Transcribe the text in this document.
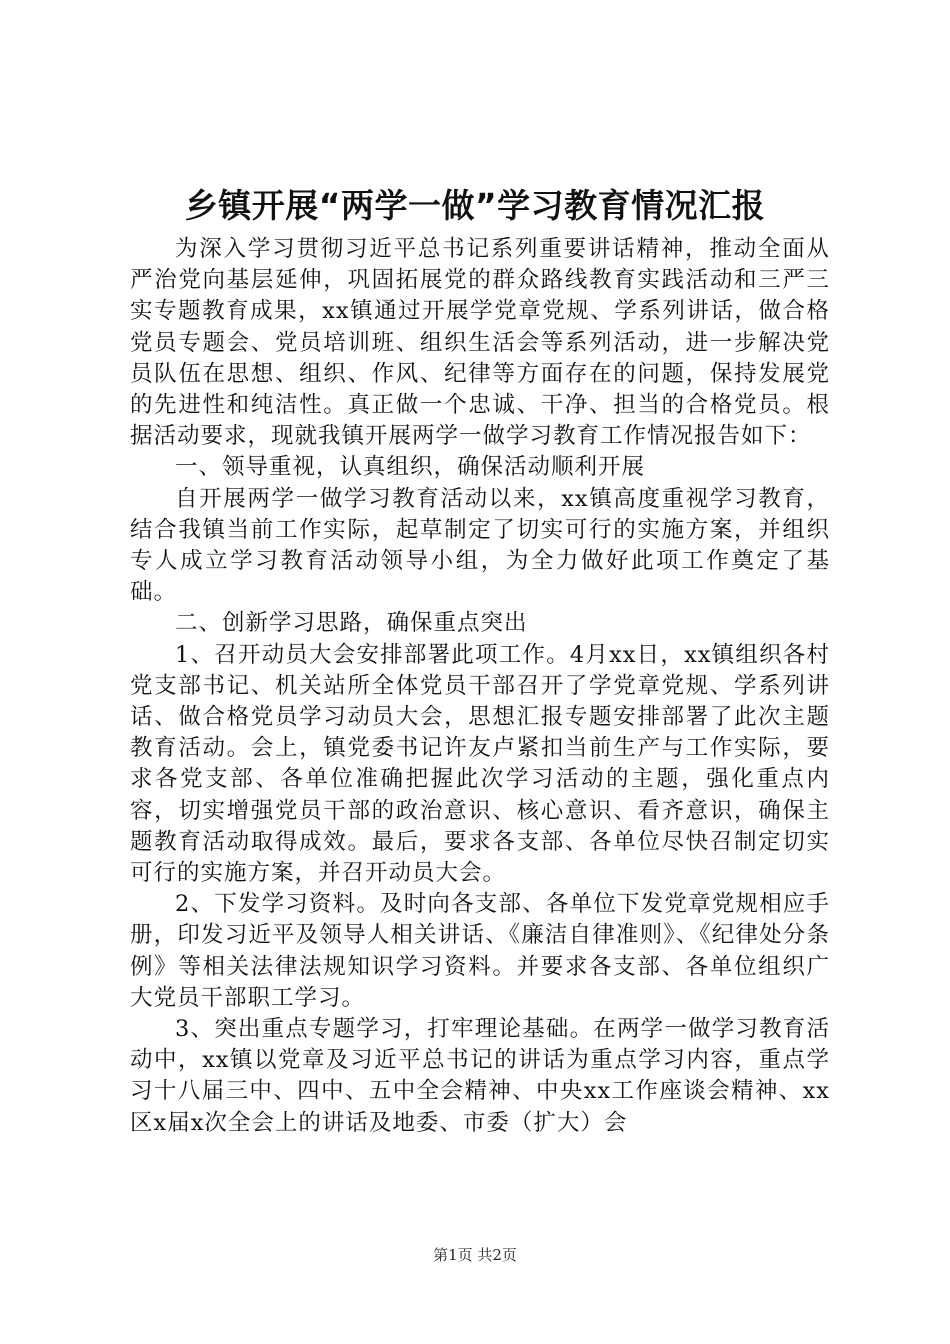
乡镇开展“两学一做”学习教育情况汇报

为深入学习贯彻习近平总书记系列重要讲话精神，推动全面从严治党向基层延伸，巩固拓展党的群众路线教育实践活动和三严三实专题教育成果，xx镇通过开展学党章党规、学系列讲话，做合格党员专题会、党员培训班、组织生活会等系列活动，进一步解决党员队伍在思想、组织、作风、纪律等方面存在的问题，保持发展党的先进性和纯洁性。真正做一个忠诚、干净、担当的合格党员。根据活动要求，现就我镇开展两学一做学习教育工作情况报告如下：

一、领导重视，认真组织，确保活动顺利开展

自开展两学一做学习教育活动以来，xx镇高度重视学习教育，结合我镇当前工作实际，起草制定了切实可行的实施方案，并组织专人成立学习教育活动领导小组，为全力做好此项工作奠定了基础。

二、创新学习思路，确保重点突出

1、召开动员大会安排部署此项工作。4月xx日，xx镇组织各村党支部书记、机关站所全体党员干部召开了学党章党规、学系列讲话、做合格党员学习动员大会，思想汇报专题安排部署了此次主题教育活动。会上，镇党委书记许友卢紧扣当前生产与工作实际，要求各党支部、各单位准确把握此次学习活动的主题，强化重点内容，切实增强党员干部的政治意识、核心意识、看齐意识，确保主题教育活动取得成效。最后，要求各支部、各单位尽快召制定切实可行的实施方案，并召开动员大会。

2、下发学习资料。及时向各支部、各单位下发党章党规相应手册，印发习近平及领导人相关讲话、《廉洁自律准则》、《纪律处分条例》等相关法律法规知识学习资料。并要求各支部、各单位组织广大党员干部职工学习。

3、突出重点专题学习，打牢理论基础。在两学一做学习教育活动中，xx镇以党章及习近平总书记的讲话为重点学习内容，重点学习十八届三中、四中、五中全会精神、中央xx工作座谈会精神、xx区x届x次全会上的讲话及地委、市委（扩大）会

第1页 共2页
